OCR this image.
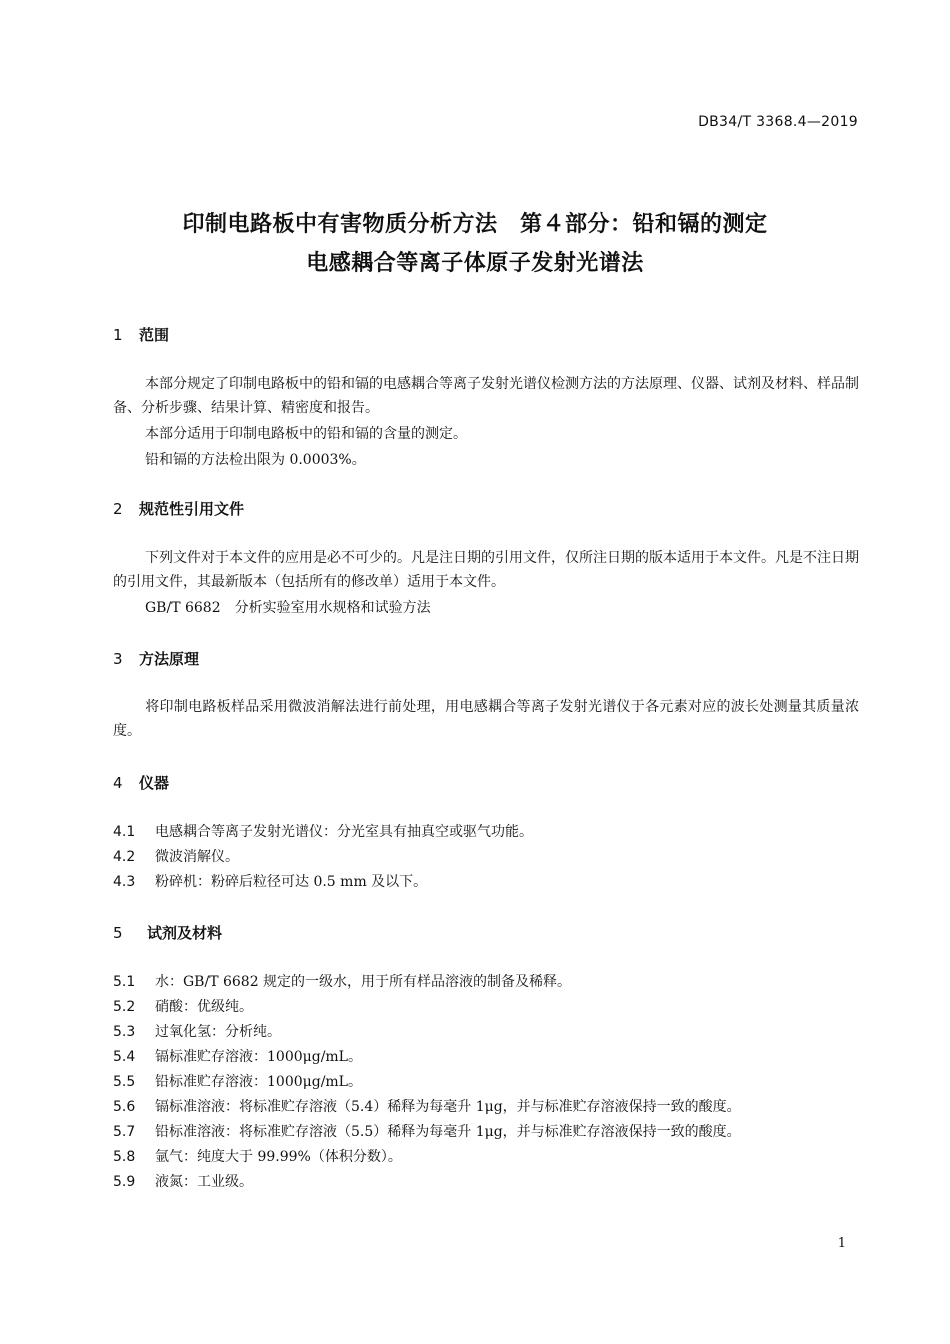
DB34/T 3368.4—2019
印制电路板中有害物质分析方法　第４部分：铅和镉的测定
电感耦合等离子体原子发射光谱法
1 范围
本部分规定了印制电路板中的铅和镉的电感耦合等离子发射光谱仪检测方法的方法原理、仪器、试剂及材料、样品制备、分析步骤、结果计算、精密度和报告。
本部分适用于印制电路板中的铅和镉的含量的测定。
铅和镉的方法检出限为 0.0003%。
2 规范性引用文件
下列文件对于本文件的应用是必不可少的。凡是注日期的引用文件，仅所注日期的版本适用于本文件。凡是不注日期的引用文件，其最新版本（包括所有的修改单）适用于本文件。
GB/T 6682　分析实验室用水规格和试验方法
3 方法原理
将印制电路板样品采用微波消解法进行前处理，用电感耦合等离子发射光谱仪于各元素对应的波长处测量其质量浓度。
4 仪器
4.1 电感耦合等离子发射光谱仪：分光室具有抽真空或驱气功能。
4.2 微波消解仪。
4.3 粉碎机：粉碎后粒径可达 0.5 mm 及以下。
5 试剂及材料
5.1 水：GB/T 6682 规定的一级水，用于所有样品溶液的制备及稀释。
5.2 硝酸：优级纯。
5.3 过氧化氢：分析纯。
5.4 镉标准贮存溶液：1000μg/mL。
5.5 铅标准贮存溶液：1000μg/mL。
5.6 镉标准溶液：将标准贮存溶液（5.4）稀释为每毫升 1μg，并与标准贮存溶液保持一致的酸度。
5.7 铅标准溶液：将标准贮存溶液（5.5）稀释为每毫升 1μg，并与标准贮存溶液保持一致的酸度。
5.8 氩气：纯度大于 99.99%（体积分数）。
5.9 液氮：工业级。
1
